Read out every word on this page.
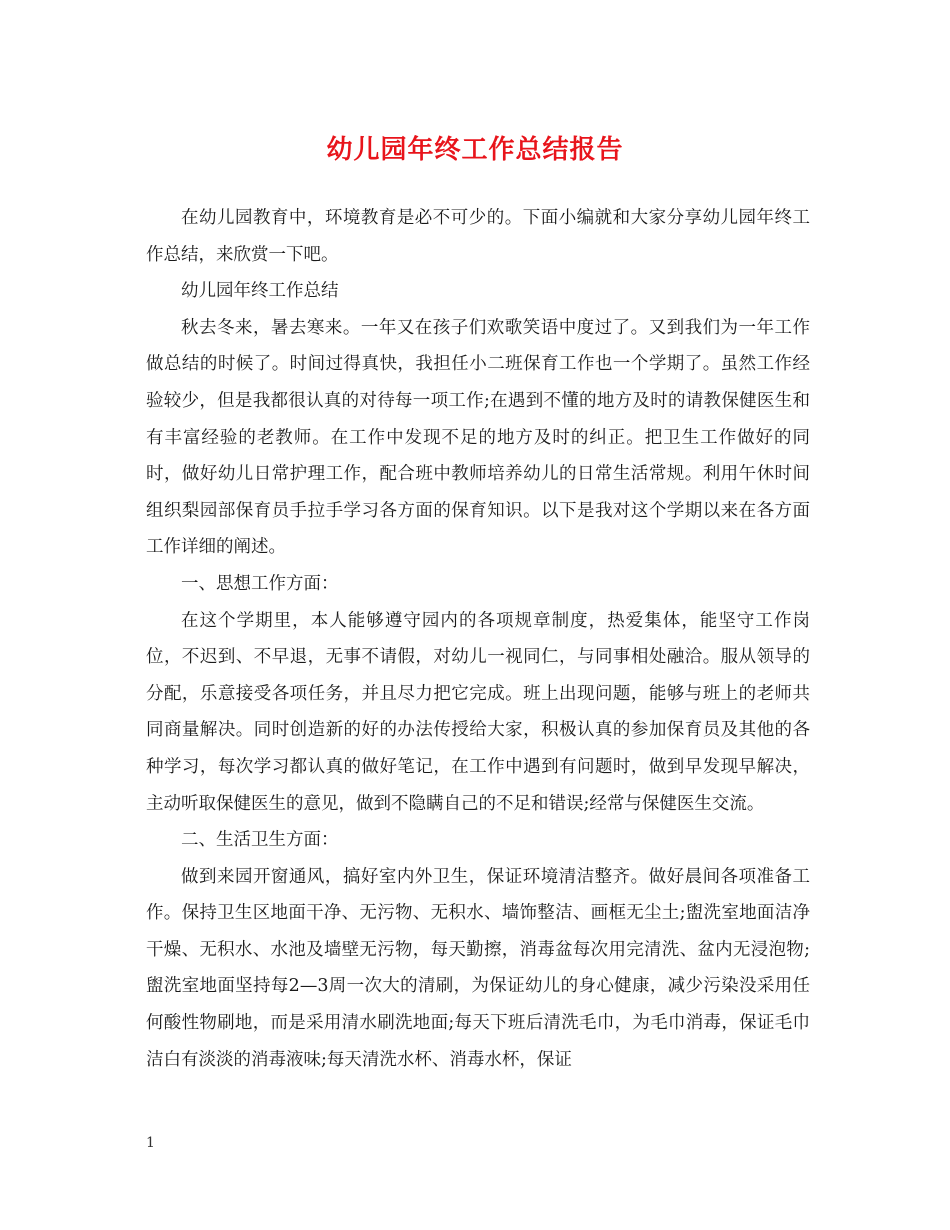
幼儿园年终工作总结报告

在幼儿园教育中，环境教育是必不可少的。下面小编就和大家分享幼儿园年终工作总结，来欣赏一下吧。

幼儿园年终工作总结

秋去冬来，暑去寒来。一年又在孩子们欢歌笑语中度过了。又到我们为一年工作做总结的时候了。时间过得真快，我担任小二班保育工作也一个学期了。虽然工作经验较少，但是我都很认真的对待每一项工作;在遇到不懂的地方及时的请教保健医生和有丰富经验的老教师。在工作中发现不足的地方及时的纠正。把卫生工作做好的同时，做好幼儿日常护理工作，配合班中教师培养幼儿的日常生活常规。利用午休时间组织梨园部保育员手拉手学习各方面的保育知识。以下是我对这个学期以来在各方面工作详细的阐述。

一、思想工作方面：

在这个学期里，本人能够遵守园内的各项规章制度，热爱集体，能坚守工作岗位，不迟到、不早退，无事不请假，对幼儿一视同仁，与同事相处融洽。服从领导的分配，乐意接受各项任务，并且尽力把它完成。班上出现问题，能够与班上的老师共同商量解决。同时创造新的好的办法传授给大家，积极认真的参加保育员及其他的各种学习，每次学习都认真的做好笔记，在工作中遇到有问题时，做到早发现早解决，主动听取保健医生的意见，做到不隐瞒自己的不足和错误;经常与保健医生交流。

二、生活卫生方面：

做到来园开窗通风，搞好室内外卫生，保证环境清洁整齐。做好晨间各项准备工作。保持卫生区地面干净、无污物、无积水、墙饰整洁、画框无尘土;盥洗室地面洁净干燥、无积水、水池及墙壁无污物，每天勤擦，消毒盆每次用完清洗、盆内无浸泡物;盥洗室地面坚持每2—3周一次大的清刷，为保证幼儿的身心健康，减少污染没采用任何酸性物刷地，而是采用清水刷洗地面;每天下班后清洗毛巾，为毛巾消毒，保证毛巾洁白有淡淡的消毒液味;每天清洗水杯、消毒水杯，保证

1
